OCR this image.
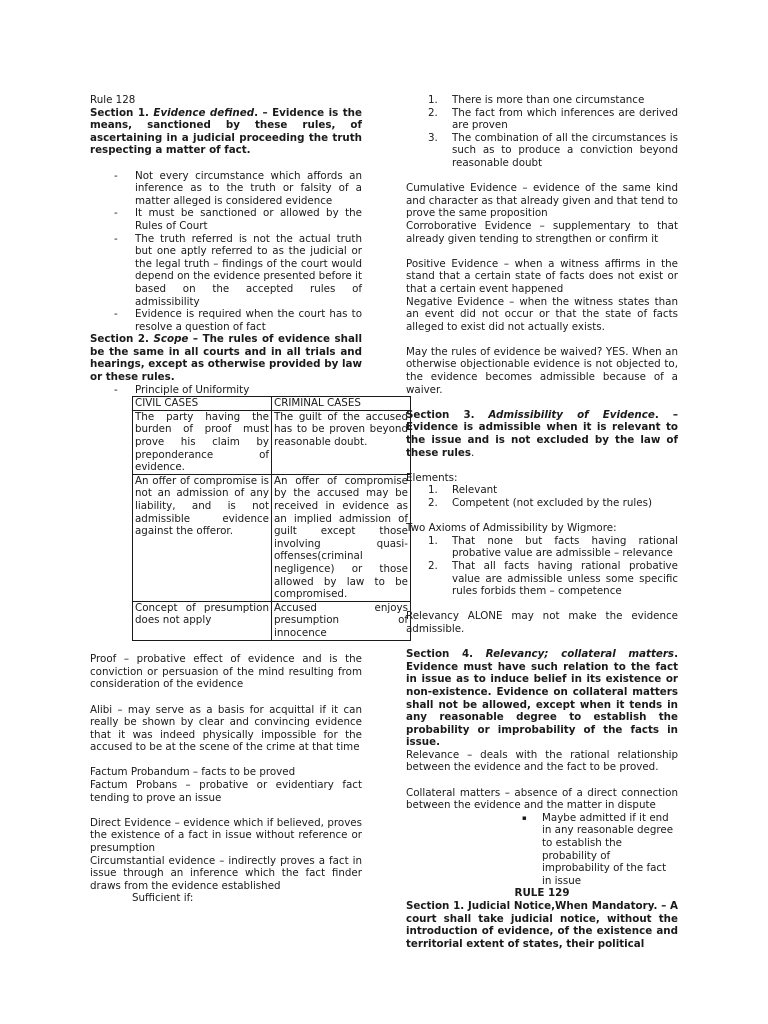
Rule 128

Section 1. Evidence defined. – Evidence is the means, sanctioned by these rules, of ascertaining in a judicial proceeding the truth respecting a matter of fact.

- Not every circumstance which affords an inference as to the truth or falsity of a matter alleged is considered evidence
- It must be sanctioned or allowed by the Rules of Court
- The truth referred is not the actual truth but one aptly referred to as the judicial or the legal truth – findings of the court would depend on the evidence presented before it based on the accepted rules of admissibility
- Evidence is required when the court has to resolve a question of fact

Section 2. Scope – The rules of evidence shall be the same in all courts and in all trials and hearings, except as otherwise provided by law or these rules.

- Principle of Uniformity
CIVIL CASES	CRIMINAL CASES
The party having the burden of proof must prove his claim by preponderance of evidence.	The guilt of the accused has to be proven beyond reasonable doubt.
An offer of compromise is not an admission of any liability, and is not admissible evidence against the offeror.	An offer of compromise by the accused may be received in evidence as an implied admission of guilt except those involving quasi-offenses(criminal negligence) or those allowed by law to be compromised.
Concept of presumption does not apply	Accused enjoys presumption of innocence

Proof – probative effect of evidence and is the conviction or persuasion of the mind resulting from consideration of the evidence

Alibi – may serve as a basis for acquittal if it can really be shown by clear and convincing evidence that it was indeed physically impossible for the accused to be at the scene of the crime at that time

Factum Probandum – facts to be proved

Factum Probans – probative or evidentiary fact tending to prove an issue

Direct Evidence – evidence which if believed, proves the existence of a fact in issue without reference or presumption

Circumstantial evidence – indirectly proves a fact in issue through an inference which the fact finder draws from the evidence established

Sufficient if:

1. There is more than one circumstance
2. The fact from which inferences are derived are proven
3. The combination of all the circumstances is such as to produce a conviction beyond reasonable doubt

Cumulative Evidence – evidence of the same kind and character as that already given and that tend to prove the same proposition

Corroborative Evidence – supplementary to that already given tending to strengthen or confirm it

Positive Evidence – when a witness affirms in the stand that a certain state of facts does not exist or that a certain event happened

Negative Evidence – when the witness states than an event did not occur or that the state of facts alleged to exist did not actually exists.

May the rules of evidence be waived? YES. When an otherwise objectionable evidence is not objected to, the evidence becomes admissible because of a waiver.

Section 3. Admissibility of Evidence. – Evidence is admissible when it is relevant to the issue and is not excluded by the law of these rules.

Elements:

1. Relevant
2. Competent (not excluded by the rules)

Two Axioms of Admissibility by Wigmore:

1. That none but facts having rational probative value are admissible – relevance
2. That all facts having rational probative value are admissible unless some specific rules forbids them – competence

Relevancy ALONE may not make the evidence admissible.

Section 4. Relevancy; collateral matters. Evidence must have such relation to the fact in issue as to induce belief in its existence or non-existence. Evidence on collateral matters shall not be allowed, except when it tends in any reasonable degree to establish the probability or improbability of the facts in issue.

Relevance – deals with the rational relationship between the evidence and the fact to be proved.

Collateral matters – absence of a direct connection between the evidence and the matter in dispute

▪ Maybe admitted if it end in any reasonable degree to establish the probability of improbability of the fact in issue

RULE 129

Section 1. Judicial Notice,When Mandatory. – A court shall take judicial notice, without the introduction of evidence, of the existence and territorial extent of states, their political
